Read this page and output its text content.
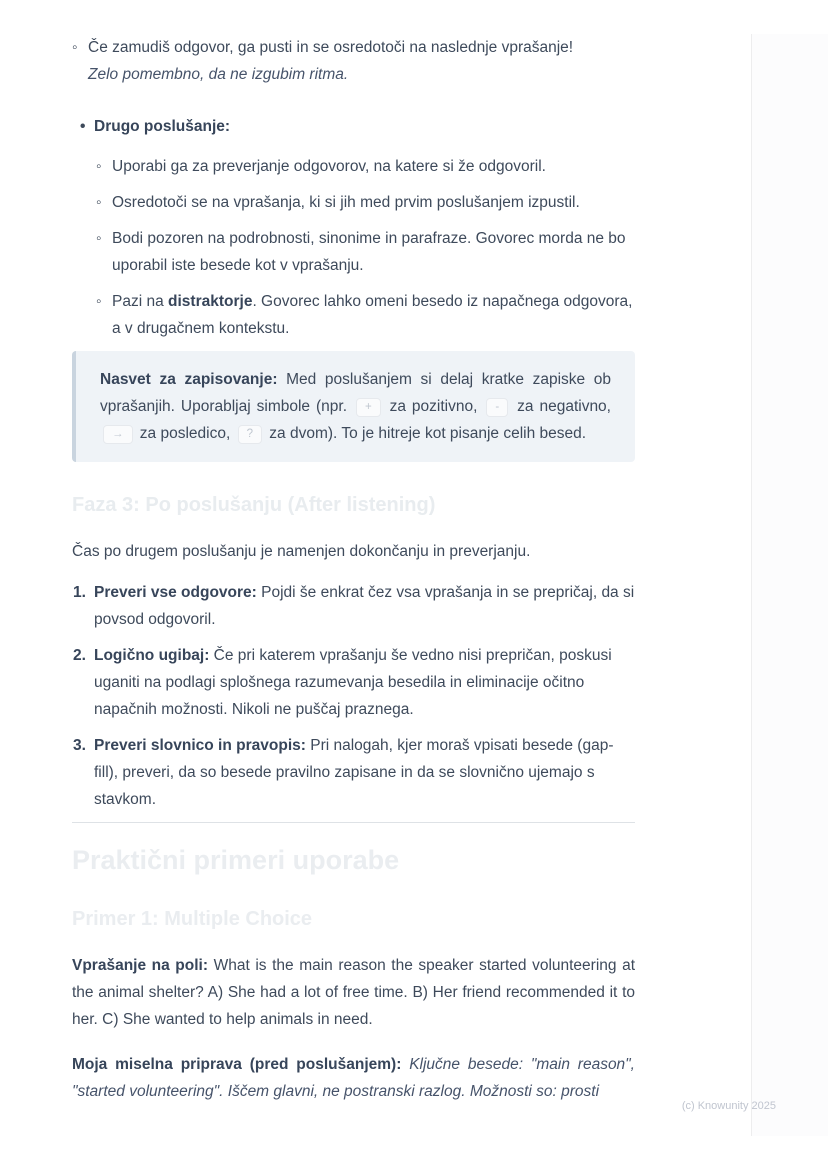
◦ Če zamudiš odgovor, ga pusti in se osredotoči na naslednje vprašanje!
Zelo pomembno, da ne izgubim ritma.
• Drugo poslušanje:
◦ Uporabi ga za preverjanje odgovorov, na katere si že odgovoril.
◦ Osredotoči se na vprašanja, ki si jih med prvim poslušanjem izpustil.
◦ Bodi pozoren na podrobnosti, sinonime in parafraze. Govorec morda ne bo uporabil iste besede kot v vprašanju.
◦ Pazi na distraktorje. Govorec lahko omeni besedo iz napačnega odgovora, a v drugačnem kontekstu.

Nasvet za zapisovanje: Med poslušanjem si delaj kratke zapiske ob vprašanjih. Uporabljaj simbole (npr. + za pozitivno, - za negativno, → za posledico, ? za dvom). To je hitreje kot pisanje celih besed.

Faza 3: Po poslušanju (After listening)

Čas po drugem poslušanju je namenjen dokončanju in preverjanju.

1. Preveri vse odgovore: Pojdi še enkrat čez vsa vprašanja in se prepričaj, da si povsod odgovoril.
2. Logično ugibaj: Če pri katerem vprašanju še vedno nisi prepričan, poskusi uganiti na podlagi splošnega razumevanja besedila in eliminacije očitno napačnih možnosti. Nikoli ne puščaj praznega.
3. Preveri slovnico in pravopis: Pri nalogah, kjer moraš vpisati besede (gap-fill), preveri, da so besede pravilno zapisane in da se slovnično ujemajo s stavkom.
Praktični primeri uporabe
Primer 1: Multiple Choice

Vprašanje na poli: What is the main reason the speaker started volunteering at the animal shelter? A) She had a lot of free time. B) Her friend recommended it to her. C) She wanted to help animals in need.

Moja miselna priprava (pred poslušanjem): Ključne besede: "main reason", "started volunteering". Iščem glavni, ne postranski razlog. Možnosti so: prosti

(c) Knowunity 2025
